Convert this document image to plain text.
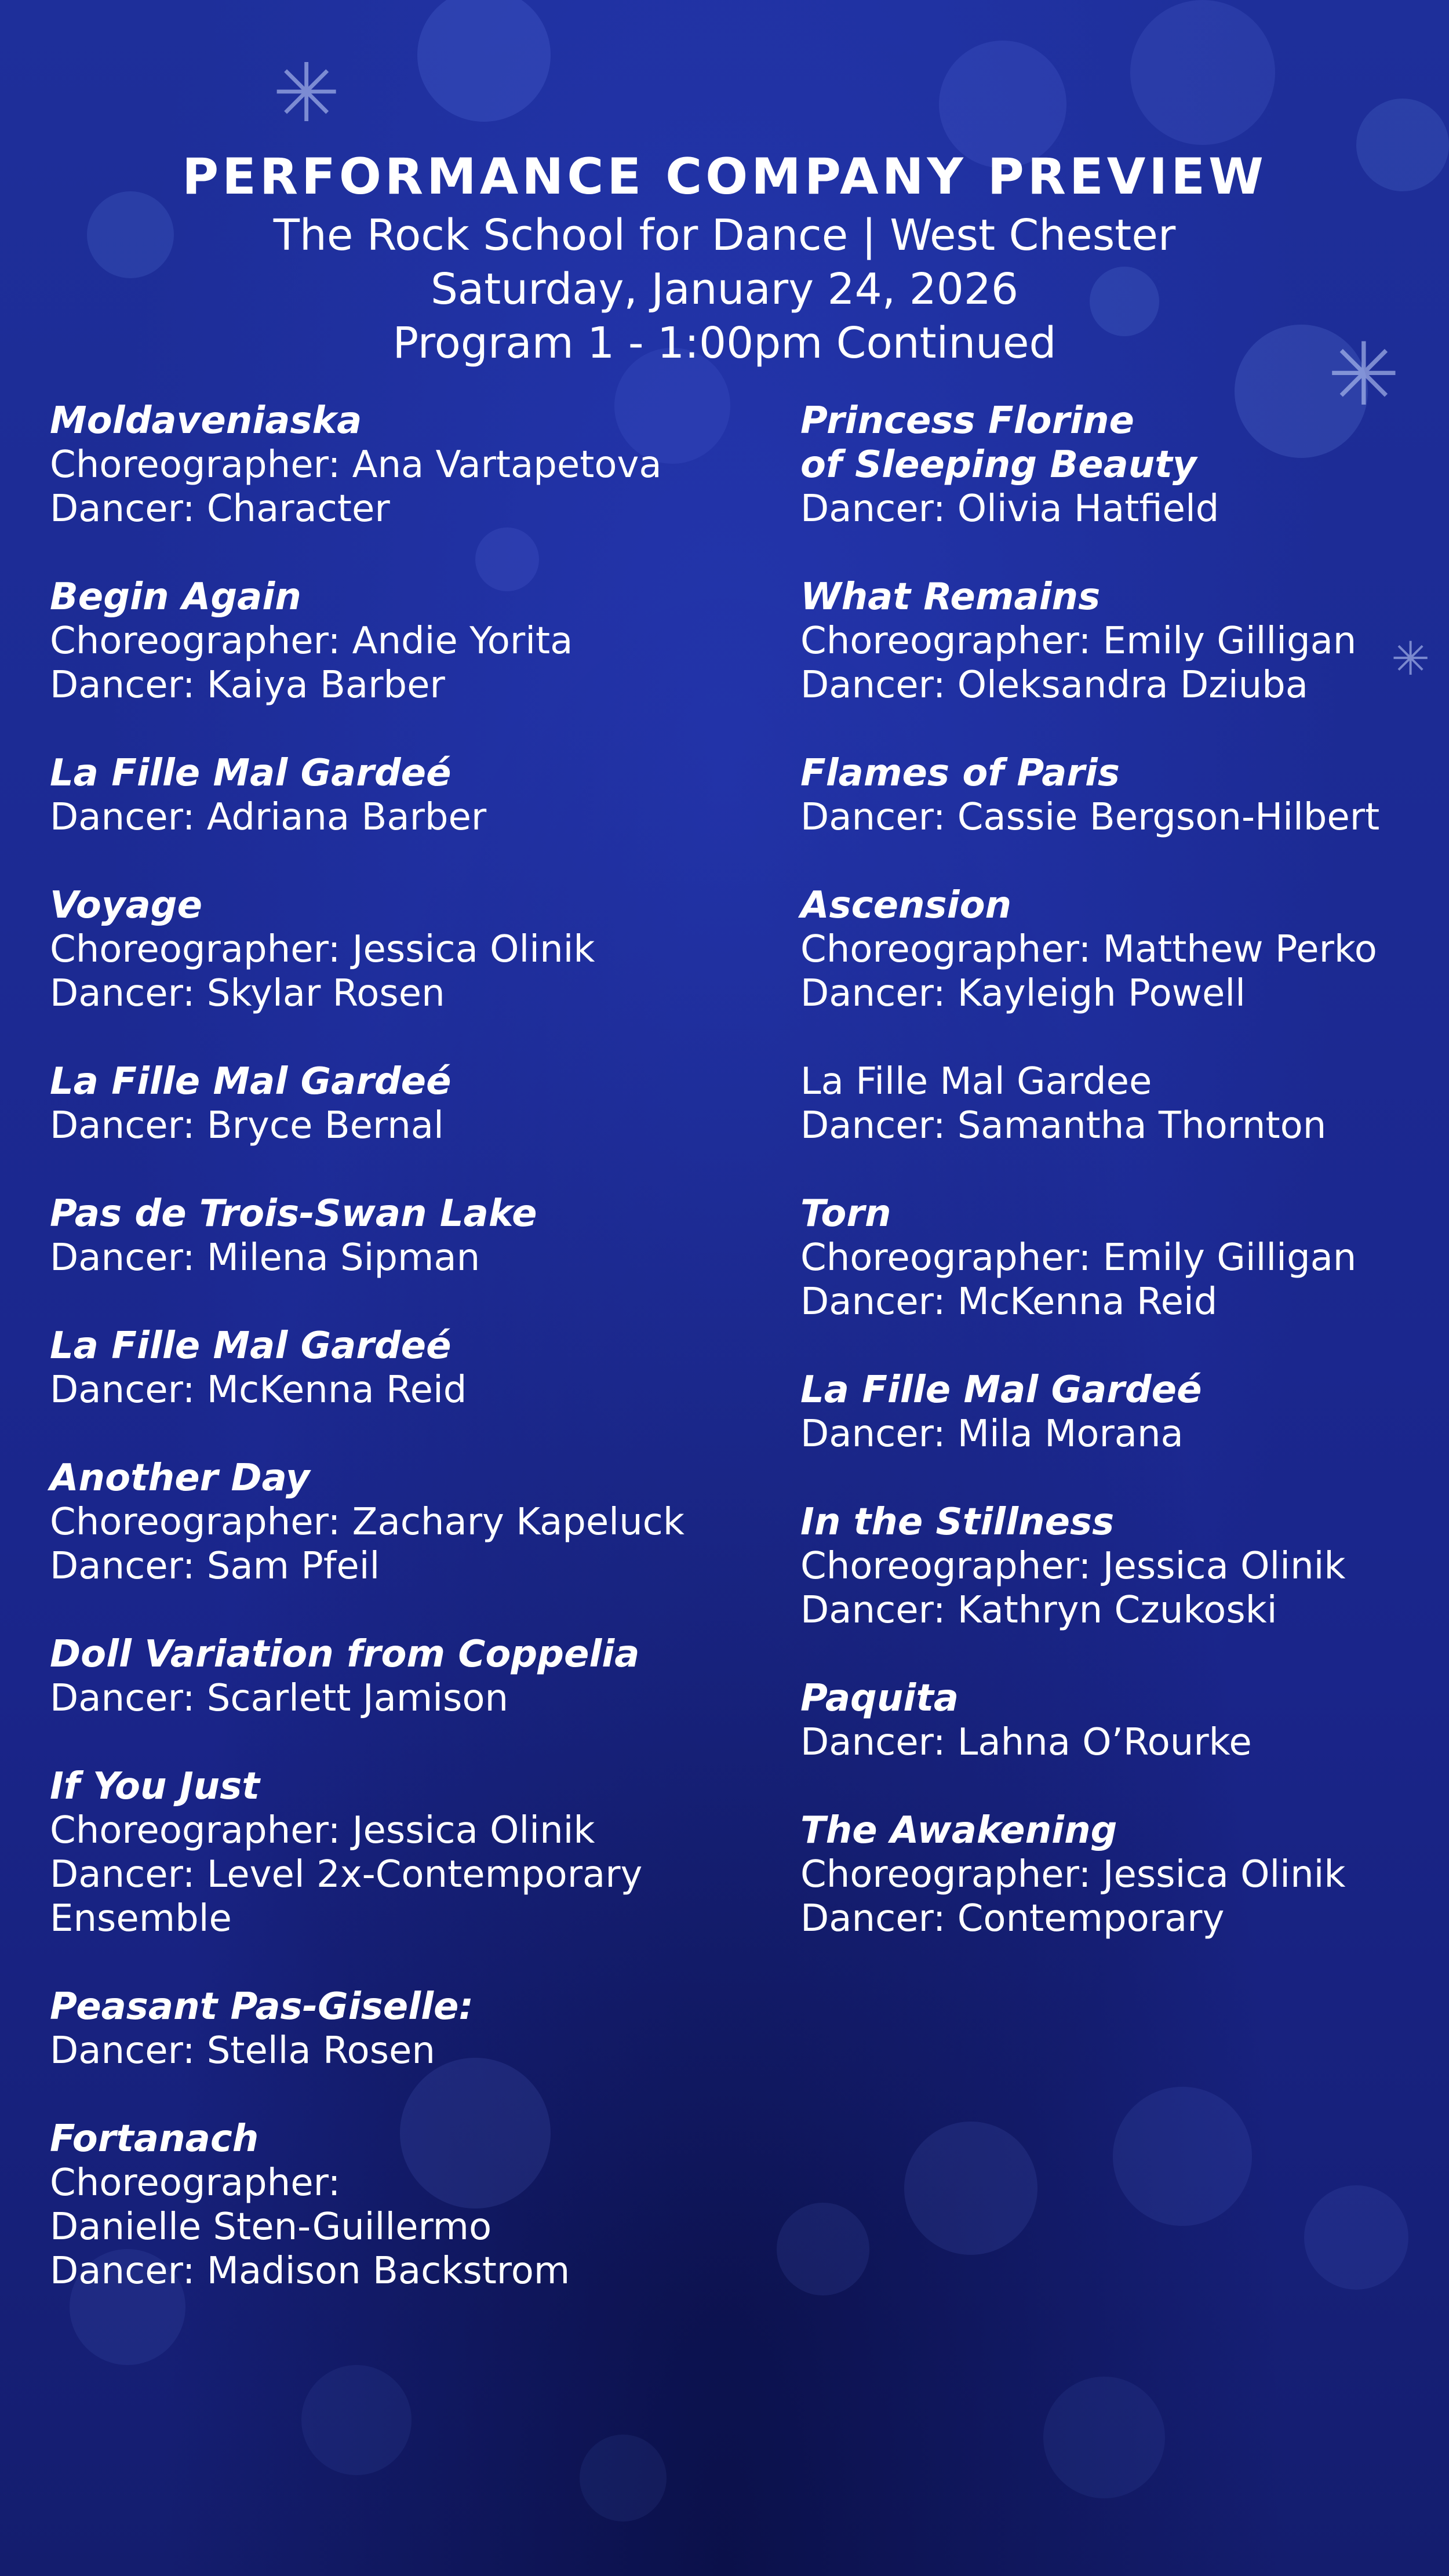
✳
✳
✳
PERFORMANCE COMPANY PREVIEW
The Rock School for Dance | West Chester
Saturday, January 24, 2026
Program 1 - 1:00pm Continued
Moldaveniaska
Choreographer: Ana Vartapetova
Dancer: Character
Begin Again
Choreographer: Andie Yorita
Dancer: Kaiya Barber
La Fille Mal Gardeé
Dancer: Adriana Barber
Voyage
Choreographer: Jessica Olinik
Dancer: Skylar Rosen
La Fille Mal Gardeé
Dancer: Bryce Bernal
Pas de Trois-Swan Lake
Dancer: Milena Sipman
La Fille Mal Gardeé
Dancer: McKenna Reid
Another Day
Choreographer: Zachary Kapeluck
Dancer: Sam Pfeil
Doll Variation from Coppelia
Dancer: Scarlett Jamison
If You Just
Choreographer: Jessica Olinik
Dancer: Level 2x-Contemporary
Ensemble
Peasant Pas-Giselle:
Dancer: Stella Rosen
Fortanach
Choreographer:
Danielle Sten-Guillermo
Dancer: Madison Backstrom
Princess Florine
of Sleeping Beauty
Dancer: Olivia Hatfield
What Remains
Choreographer: Emily Gilligan
Dancer: Oleksandra Dziuba
Flames of Paris
Dancer: Cassie Bergson-Hilbert
Ascension
Choreographer: Matthew Perko
Dancer: Kayleigh Powell
La Fille Mal Gardee
Dancer: Samantha Thornton
Torn
Choreographer: Emily Gilligan
Dancer: McKenna Reid
La Fille Mal Gardeé
Dancer: Mila Morana
In the Stillness
Choreographer: Jessica Olinik
Dancer: Kathryn Czukoski
Paquita
Dancer: Lahna O’Rourke
The Awakening
Choreographer: Jessica Olinik
Dancer: Contemporary
